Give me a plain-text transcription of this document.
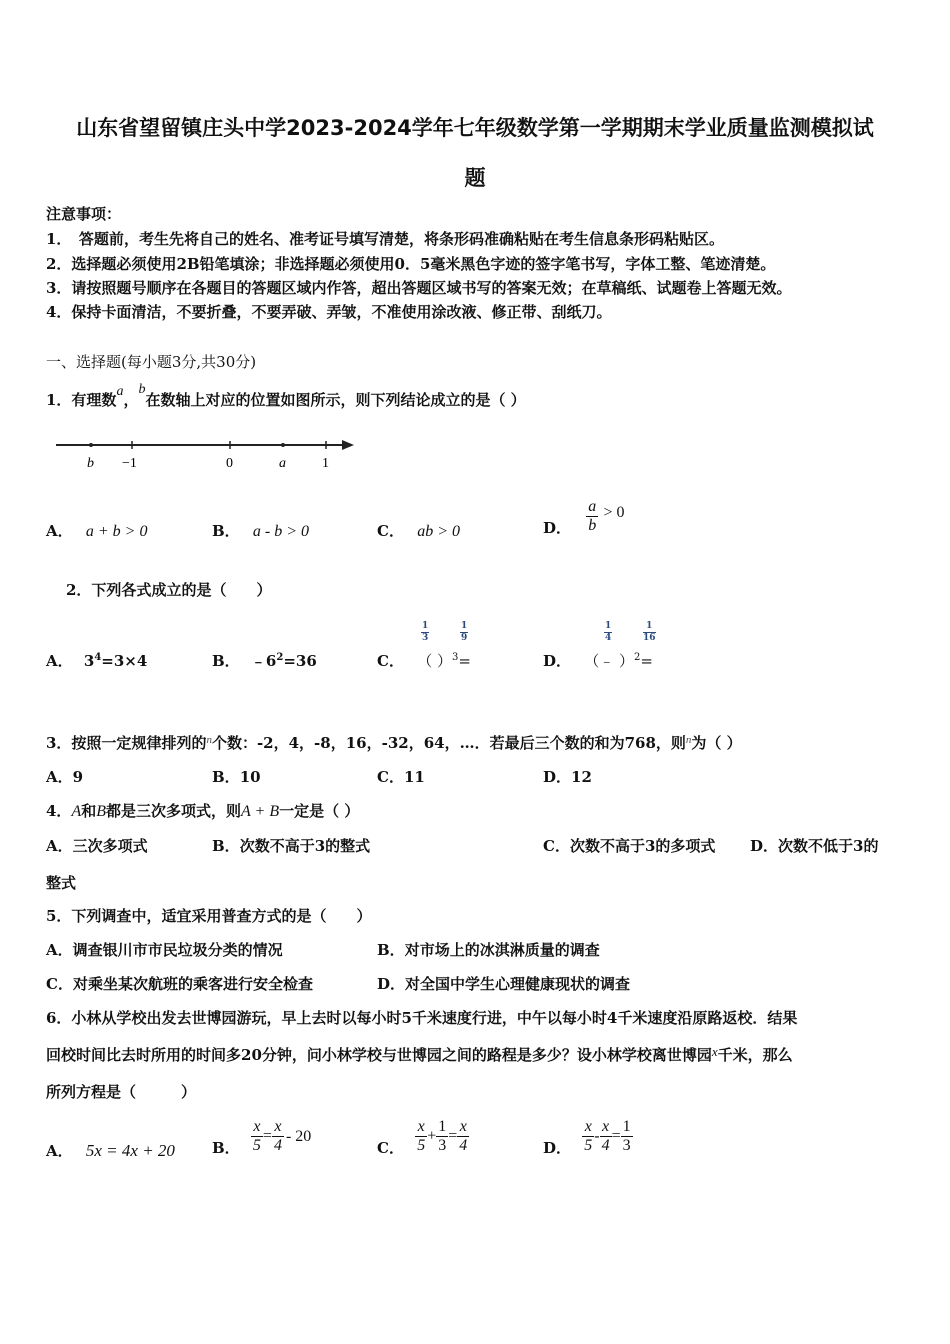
山东省望留镇庄头中学2023-2024学年七年级数学第一学期期末学业质量监测模拟试
题
注意事项：
1．　答题前，考生先将自己的姓名、准考证号填写清楚，将条形码准确粘贴在考生信息条形码粘贴区。
2．选择题必须使用2B铅笔填涂；非选择题必须使用0．5毫米黑色字迹的签字笔书写，字体工整、笔迹清楚。
3．请按照题号顺序在各题目的答题区域内作答，超出答题区域书写的答案无效；在草稿纸、试题卷上答题无效。
4．保持卡面清洁，不要折叠，不要弄破、弄皱，不准使用涂改液、修正带、刮纸刀。
一、选择题(每小题3分,共30分)
1．有理数a，b在数轴上对应的位置如图所示，则下列结论成立的是（ ）
b −1	0	a	1
A． a + b > 0	B． a - b > 0	C． ab > 0	D． $\frac{a}{b} > 0$
2．下列各式成立的是（　　）
A． $3^4=3\times 4$	B． $﹣6^2=36$	C． （ ）$^3$=
$\frac{1}{3}$	$\frac{1}{9}$
D． （﹣ ）$^2$=
$\frac{1}{4}$	$\frac{1}{16}$
3．按照一定规律排列的$^n$个数：-2，4，-8，16，-32，64，…．若最后三个数的和为768，则$^n$为（ ）
A．9	B．10	C．11	D．12
4．A和B都是三次多项式，则A + B一定是（ ）
A．三次多项式	B．次数不高于3的整式	C．次数不高于3的多项式 D．次数不低于3的
整式
5．下列调查中，适宜采用普查方式的是（　　）
A．调查银川市市民垃圾分类的情况	B．对市场上的冰淇淋质量的调查
C．对乘坐某次航班的乘客进行安全检查	D．对全国中学生心理健康现状的调查
6．小林从学校出发去世博园游玩，早上去时以每小时5千米速度行进，中午以每小时4千米速度沿原路返校．结果
回校时间比去时所用的时间多20分钟，问小林学校与世博园之间的路程是多少？设小林学校离世博园x千米，那么
所列方程是（　　　）
A． 5x = 4x + 20 B． $\frac{x}{5} = \frac{x}{4} - 20$
C． $\frac{x}{5} + \frac{1}{3} = \frac{x}{4}$	D． $\frac{x}{5} - \frac{x}{4} = \frac{1}{3}$
